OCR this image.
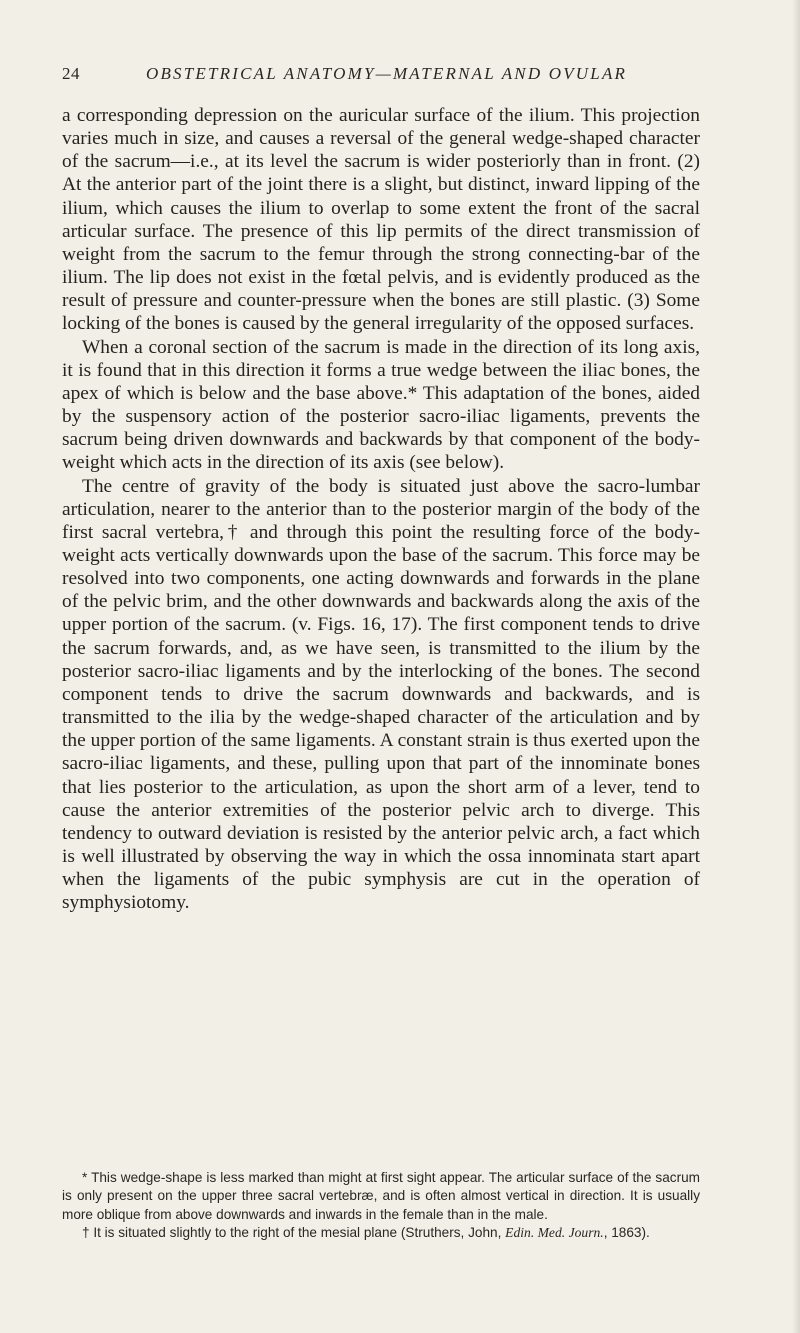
24	OBSTETRICAL ANATOMY—MATERNAL AND OVULAR

a corresponding depression on the auricular surface of the ilium. This projection varies much in size, and causes a reversal of the general wedge-shaped character of the sacrum—i.e., at its level the sacrum is wider posteriorly than in front. (2) At the anterior part of the joint there is a slight, but distinct, inward lipping of the ilium, which causes the ilium to overlap to some extent the front of the sacral articular surface. The presence of this lip permits of the direct transmission of weight from the sacrum to the femur through the strong connecting-bar of the ilium. The lip does not exist in the fœtal pelvis, and is evidently produced as the result of pressure and counter-pressure when the bones are still plastic. (3) Some locking of the bones is caused by the general irregularity of the opposed surfaces.

When a coronal section of the sacrum is made in the direction of its long axis, it is found that in this direction it forms a true wedge between the iliac bones, the apex of which is below and the base above.* This adaptation of the bones, aided by the suspensory action of the posterior sacro-iliac ligaments, prevents the sacrum being driven downwards and backwards by that component of the body-weight which acts in the direction of its axis (see below).

The centre of gravity of the body is situated just above the sacro-lumbar articulation, nearer to the anterior than to the posterior margin of the body of the first sacral vertebra,† and through this point the resulting force of the body-weight acts vertically downwards upon the base of the sacrum. This force may be resolved into two components, one acting downwards and forwards in the plane of the pelvic brim, and the other downwards and backwards along the axis of the upper portion of the sacrum. (v. Figs. 16, 17). The first component tends to drive the sacrum forwards, and, as we have seen, is transmitted to the ilium by the posterior sacro-iliac ligaments and by the interlocking of the bones. The second component tends to drive the sacrum downwards and backwards, and is transmitted to the ilia by the wedge-shaped character of the articulation and by the upper portion of the same ligaments. A constant strain is thus exerted upon the sacro-iliac ligaments, and these, pulling upon that part of the innominate bones that lies posterior to the articulation, as upon the short arm of a lever, tend to cause the anterior extremities of the posterior pelvic arch to diverge. This tendency to outward deviation is resisted by the anterior pelvic arch, a fact which is well illustrated by observing the way in which the ossa innominata start apart when the ligaments of the pubic symphysis are cut in the operation of symphysiotomy.

* This wedge-shape is less marked than might at first sight appear. The articular surface of the sacrum is only present on the upper three sacral vertebræ, and is often almost vertical in direction. It is usually more oblique from above downwards and inwards in the female than in the male.

† It is situated slightly to the right of the mesial plane (Struthers, John, Edin. Med. Journ., 1863).
